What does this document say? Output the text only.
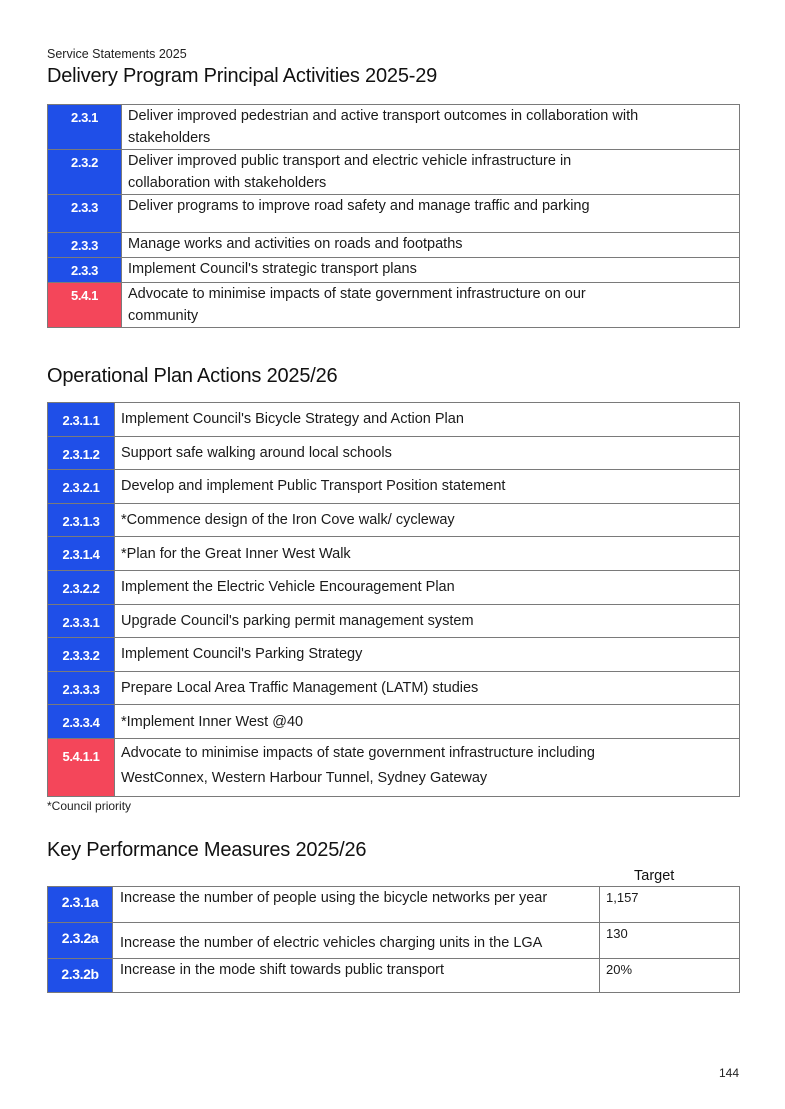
Service Statements 2025
Delivery Program Principal Activities 2025-29
2.3.1	Deliver improved pedestrian and active transport outcomes in collaboration with
stakeholders
2.3.2	Deliver improved public transport and electric vehicle infrastructure in
collaboration with stakeholders
2.3.3	Deliver programs to improve road safety and manage traffic and parking
2.3.3	Manage works and activities on roads and footpaths
2.3.3	Implement Council's strategic transport plans
5.4.1	Advocate to minimise impacts of state government infrastructure on our
community
Operational Plan Actions 2025/26
2.3.1.1	Implement Council's Bicycle Strategy and Action Plan
2.3.1.2	Support safe walking around local schools
2.3.2.1	Develop and implement Public Transport Position statement
2.3.1.3	*Commence design of the Iron Cove walk/ cycleway
2.3.1.4	*Plan for the Great Inner West Walk
2.3.2.2	Implement the Electric Vehicle Encouragement Plan
2.3.3.1	Upgrade Council's parking permit management system
2.3.3.2	Implement Council's Parking Strategy
2.3.3.3	Prepare Local Area Traffic Management (LATM) studies
2.3.3.4	*Implement Inner West @40
5.4.1.1	Advocate to minimise impacts of state government infrastructure including
WestConnex, Western Harbour Tunnel, Sydney Gateway
*Council priority
Key Performance Measures 2025/26
Target
2.3.1a	Increase the number of people using the bicycle networks per year	1,157
2.3.2a	Increase the number of electric vehicles charging units in the LGA	130
2.3.2b	Increase in the mode shift towards public transport	20%
144
